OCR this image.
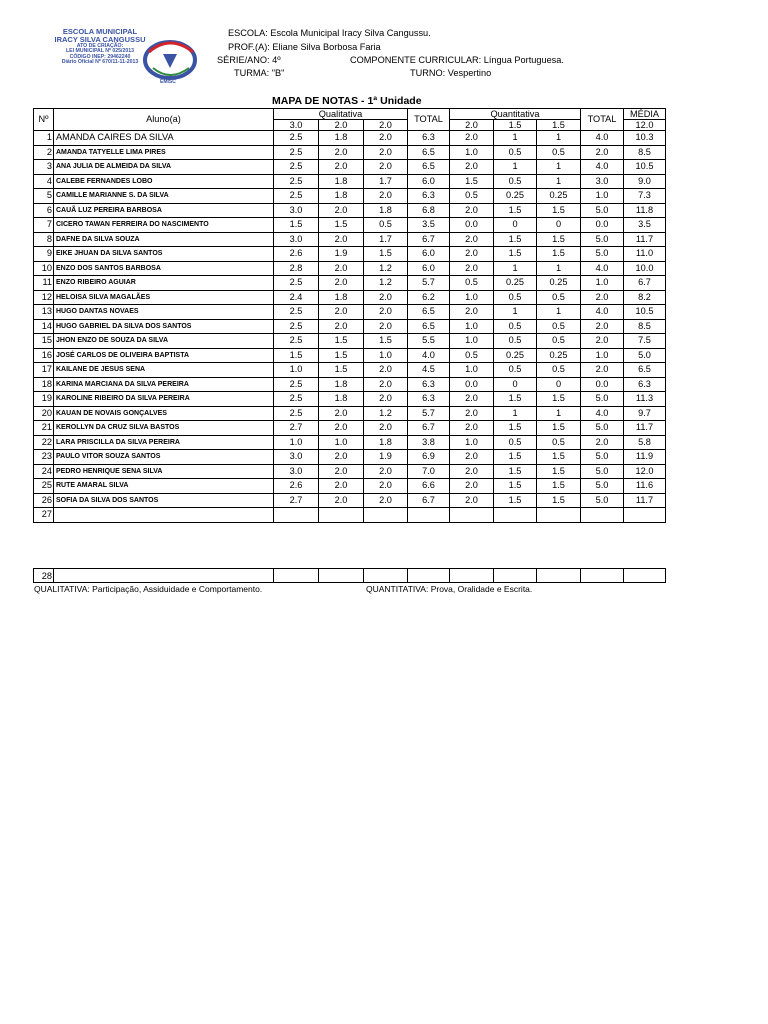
ESCOLA MUNICIPAL
IRACY SILVA CANGUSSU
ATO DE CRIAÇÃO:
LEI MUNICIPAL Nº 025/2013
CÓDIGO INEP: 29462240
Diário Oficial Nº 670/11-11-2013
EMISC
ESCOLA: Escola Municipal Iracy Silva Cangussu.
PROF.(A): Eliane Silva Borbosa Faria
SÉRIE/ANO: 4º	COMPONENTE CURRICULAR: Língua Portuguesa.
TURMA: "B"	TURNO: Vespertino
MAPA DE NOTAS - 1ª Unidade
Nº	Aluno(a)	Qualitativa			TOTAL	Quantitativa			TOTAL	MÉDIA
		3.0	2.0	2.0		2.0	1.5	1.5		12.0
1	AMANDA CAIRES DA SILVA	2.5	1.8	2.0	6.3	2.0	1	1	4.0	10.3
2	AMANDA TATYELLE LIMA PIRES	2.5	2.0	2.0	6.5	1.0	0.5	0.5	2.0	8.5
3	ANA JULIA DE ALMEIDA DA SILVA	2.5	2.0	2.0	6.5	2.0	1	1	4.0	10.5
4	CALEBE FERNANDES LOBO	2.5	1.8	1.7	6.0	1.5	0.5	1	3.0	9.0
5	CAMILLE MARIANNE S. DA SILVA	2.5	1.8	2.0	6.3	0.5	0.25	0.25	1.0	7.3
6	CAUÃ LUZ PEREIRA BARBOSA	3.0	2.0	1.8	6.8	2.0	1.5	1.5	5.0	11.8
7	CICERO TAWAN FERREIRA DO NASCIMENTO	1.5	1.5	0.5	3.5	0.0	0	0	0.0	3.5
8	DAFNE DA SILVA SOUZA	3.0	2.0	1.7	6.7	2.0	1.5	1.5	5.0	11.7
9	EIKE JHUAN DA SILVA SANTOS	2.6	1.9	1.5	6.0	2.0	1.5	1.5	5.0	11.0
10	ENZO DOS SANTOS BARBOSA	2.8	2.0	1.2	6.0	2.0	1	1	4.0	10.0
11	ENZO RIBEIRO AGUIAR	2.5	2.0	1.2	5.7	0.5	0.25	0.25	1.0	6.7
12	HELOISA SILVA MAGALÃES	2.4	1.8	2.0	6.2	1.0	0.5	0.5	2.0	8.2
13	HUGO DANTAS NOVAES	2.5	2.0	2.0	6.5	2.0	1	1	4.0	10.5
14	HUGO GABRIEL DA SILVA DOS SANTOS	2.5	2.0	2.0	6.5	1.0	0.5	0.5	2.0	8.5
15	JHON ENZO DE SOUZA DA SILVA	2.5	1.5	1.5	5.5	1.0	0.5	0.5	2.0	7.5
16	JOSÉ CARLOS DE OLIVEIRA BAPTISTA	1.5	1.5	1.0	4.0	0.5	0.25	0.25	1.0	5.0
17	KAILANE DE JESUS SENA	1.0	1.5	2.0	4.5	1.0	0.5	0.5	2.0	6.5
18	KARINA MARCIANA DA SILVA PEREIRA	2.5	1.8	2.0	6.3	0.0	0	0	0.0	6.3
19	KAROLINE RIBEIRO DA SILVA PEREIRA	2.5	1.8	2.0	6.3	2.0	1.5	1.5	5.0	11.3
20	KAUAN DE NOVAIS GONÇALVES	2.5	2.0	1.2	5.7	2.0	1	1	4.0	9.7
21	KEROLLYN DA CRUZ SILVA BASTOS	2.7	2.0	2.0	6.7	2.0	1.5	1.5	5.0	11.7
22	LARA PRISCILLA DA SILVA PEREIRA	1.0	1.0	1.8	3.8	1.0	0.5	0.5	2.0	5.8
23	PAULO VITOR SOUZA SANTOS	3.0	2.0	1.9	6.9	2.0	1.5	1.5	5.0	11.9
24	PEDRO HENRIQUE SENA SILVA	3.0	2.0	2.0	7.0	2.0	1.5	1.5	5.0	12.0
25	RUTE AMARAL SILVA	2.6	2.0	2.0	6.6	2.0	1.5	1.5	5.0	11.6
26	SOFIA DA SILVA DOS SANTOS	2.7	2.0	2.0	6.7	2.0	1.5	1.5	5.0	11.7
27										
28										
QUALITATIVA: Participação, Assiduidade e Comportamento.	QUANTITATIVA: Prova, Oralidade e Escrita.
